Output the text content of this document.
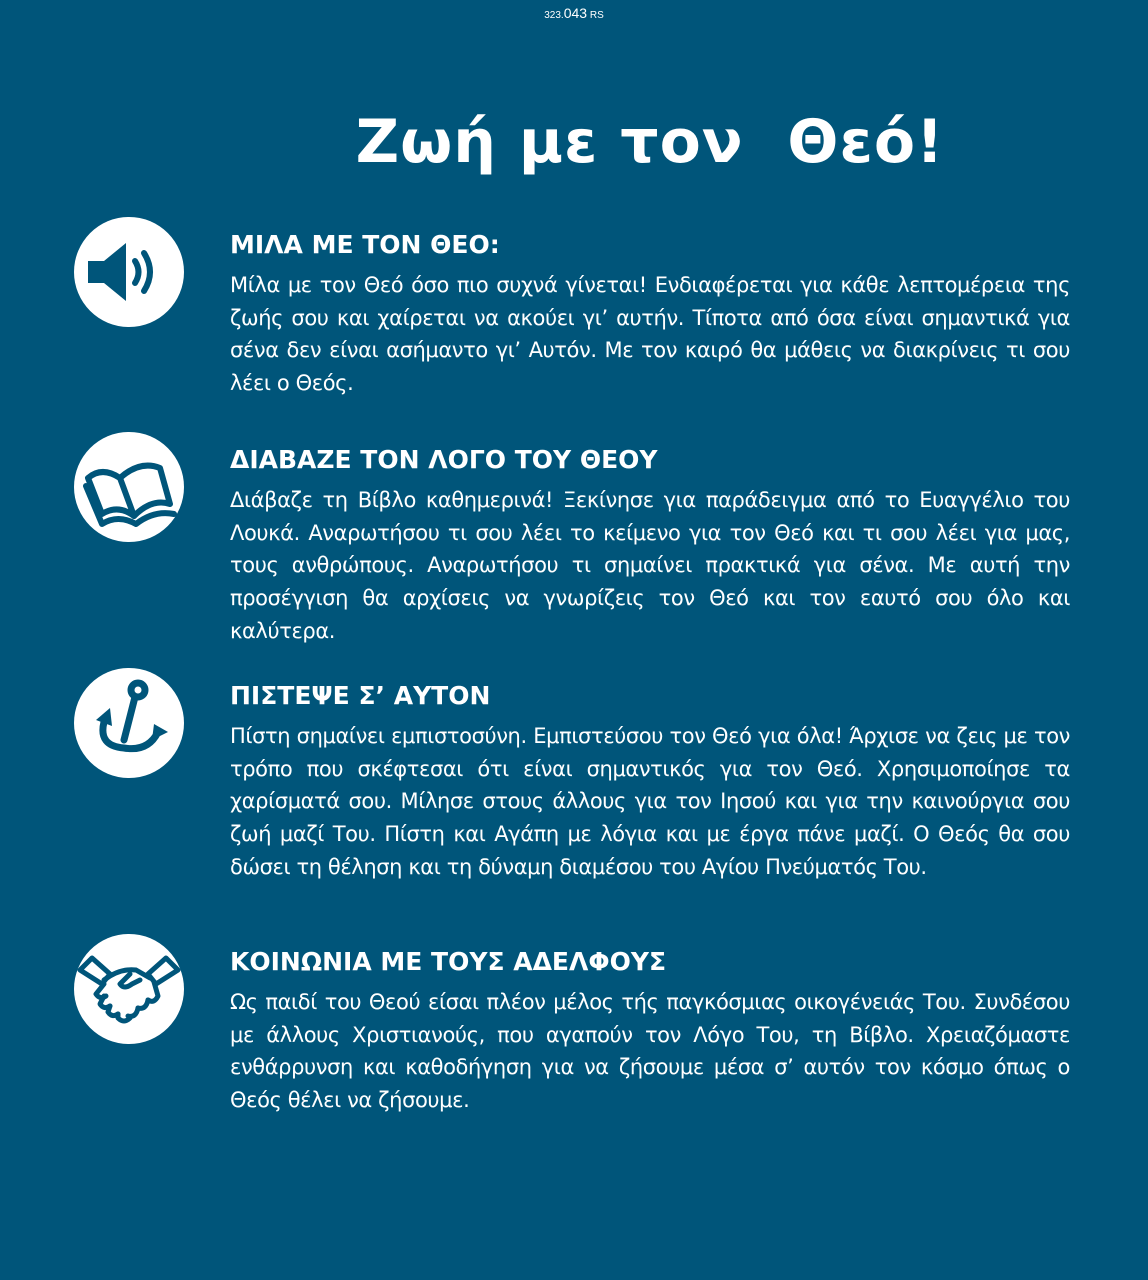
323.043 RS
Ζωή με τον  Θεό!
ΜΙΛΑ ΜΕ ΤΟΝ ΘΕΟ:

Μίλα με τον Θεό όσο πιο συχνά γίνεται! Ενδιαφέρεται για κάθε λεπτομέρεια της ζωής σου και χαίρεται να ακούει γι’ αυτήν. Τίποτα από όσα είναι σημαντικά για σένα δεν είναι ασήμαντο γι’ Αυτόν. Με τον καιρό θα μάθεις να διακρίνεις τι σου λέει ο Θεός.

ΔΙΑΒΑΖΕ ΤΟΝ ΛΟΓΟ ΤΟΥ ΘΕΟΥ

Διάβαζε τη Βίβλο καθημερινά! Ξεκίνησε για παράδειγμα από το Ευαγγέλιο του Λουκά. Αναρωτήσου τι σου λέει το κείμενο για τον Θεό και τι σου λέει για μας, τους ανθρώπους. Αναρωτήσου τι σημαίνει πρακτικά για σένα. Με αυτή την προσέγγιση θα αρχίσεις να γνωρίζεις τον Θεό και τον εαυτό σου όλο και καλύτερα.

ΠΙΣΤΕΨΕ Σ’ ΑΥΤΟΝ

Πίστη σημαίνει εμπιστοσύνη. Εμπιστεύσου τον Θεό για όλα! Άρχισε να ζεις με τον τρόπο που σκέφτεσαι ότι είναι σημαντικός για τον Θεό. Χρησιμοποίησε τα χαρίσματά σου. Μίλησε στους άλλους για τον Ιησού και για την καινούργια σου ζωή μαζί Του. Πίστη και Αγάπη με λόγια και με έργα πάνε μαζί. Ο Θεός θα σου δώσει τη θέληση και τη δύναμη διαμέσου του Αγίου Πνεύματός Του.

ΚΟΙΝΩΝΙΑ ΜΕ ΤΟΥΣ ΑΔΕΛΦΟΥΣ

Ως παιδί του Θεού είσαι πλέον μέλος τής παγκόσμιας οικογένειάς Του. Συνδέσου με άλλους Χριστιανούς, που αγαπούν τον Λόγο Του, τη Βίβλο. Χρειαζόμαστε ενθάρρυνση και καθοδήγηση για να ζήσουμε μέσα σ’ αυτόν τον κόσμο όπως ο Θεός θέλει να ζήσουμε.
